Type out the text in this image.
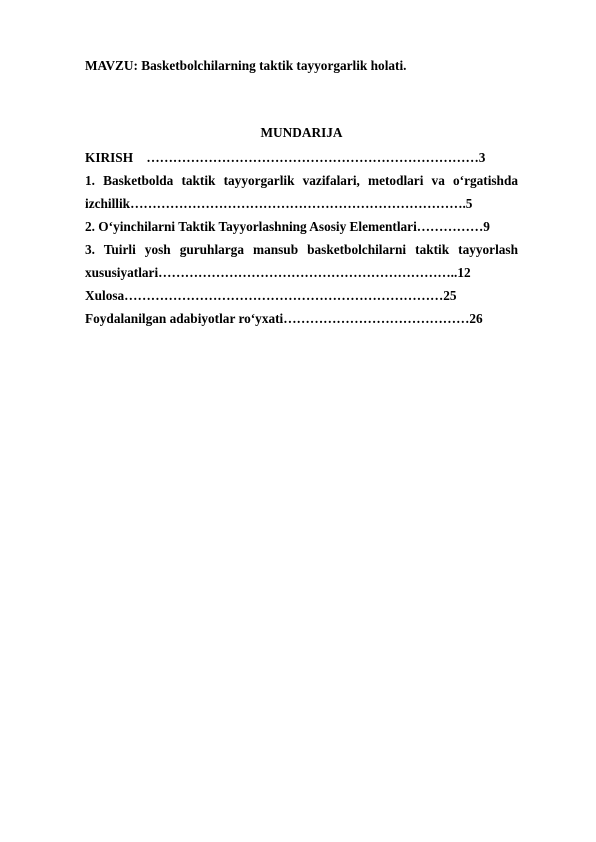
MAVZU: Basketbolchilarning taktik tayyorgarlik holati.
MUNDARIJA

KIRISH    …………………………………………………………………3

1. Basketbolda taktik tayyorgarlik vazifalari, metodlari va o‘rgatishda izchillik………………………………………………………………….5

2. O‘yinchilarni Taktik Tayyorlashning Asosiy Elementlari……………9

3. Tuirli yosh guruhlarga mansub basketbolchilarni taktik tayyorlash xususiyatlari…………………………………………………………..12

Xulosa………………………………………………………………25

Foydalanilgan adabiyotlar ro‘yxati……………………………………26
